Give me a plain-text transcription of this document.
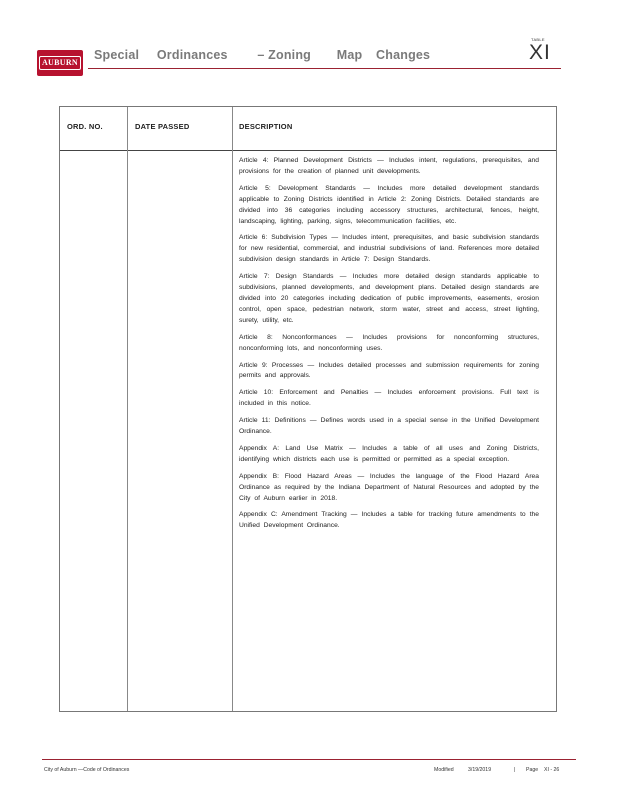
AUBURN
Special Ordinances – Zoning Map Changes
TABLE
XI
ORD. NO.	DATE PASSED	DESCRIPTION

Article 4: Planned Development Districts — Includes intent, regulations, prerequisites, and provisions for the creation of planned unit developments.

Article 5: Development Standards — Includes more detailed development standards applicable to Zoning Districts identified in Article 2: Zoning Districts. Detailed standards are divided into 36 categories including accessory structures, architectural, fences, height, landscaping, lighting, parking, signs, telecommunication facilities, etc.

Article 6: Subdivision Types — Includes intent, prerequisites, and basic subdivision standards for new residential, commercial, and industrial subdivisions of land. References more detailed subdivision design standards in Article 7: Design Standards.

Article 7: Design Standards — Includes more detailed design standards applicable to subdivisions, planned developments, and development plans. Detailed design standards are divided into 20 categories including dedication of public improvements, easements, erosion control, open space, pedestrian network, storm water, street and access, street lighting, surety, utility, etc.

Article 8: Nonconformances — Includes provisions for nonconforming structures, nonconforming lots, and nonconforming uses.

Article 9: Processes — Includes detailed processes and submission requirements for zoning permits and approvals.

Article 10: Enforcement and Penalties — Includes enforcement provisions. Full text is included in this notice.

Article 11: Definitions — Defines words used in a special sense in the Unified Development Ordinance.

Appendix A: Land Use Matrix — Includes a table of all uses and Zoning Districts, identifying which districts each use is permitted or permitted as a special exception.

Appendix B: Flood Hazard Areas — Includes the language of the Flood Hazard Area Ordinance as required by the Indiana Department of Natural Resources and adopted by the City of Auburn earlier in 2018.

Appendix C: Amendment Tracking — Includes a table for tracking future amendments to the Unified Development Ordinance.

City of Auburn —Code of Ordinances	Modified	3/19/2019	| Page XI - 26
